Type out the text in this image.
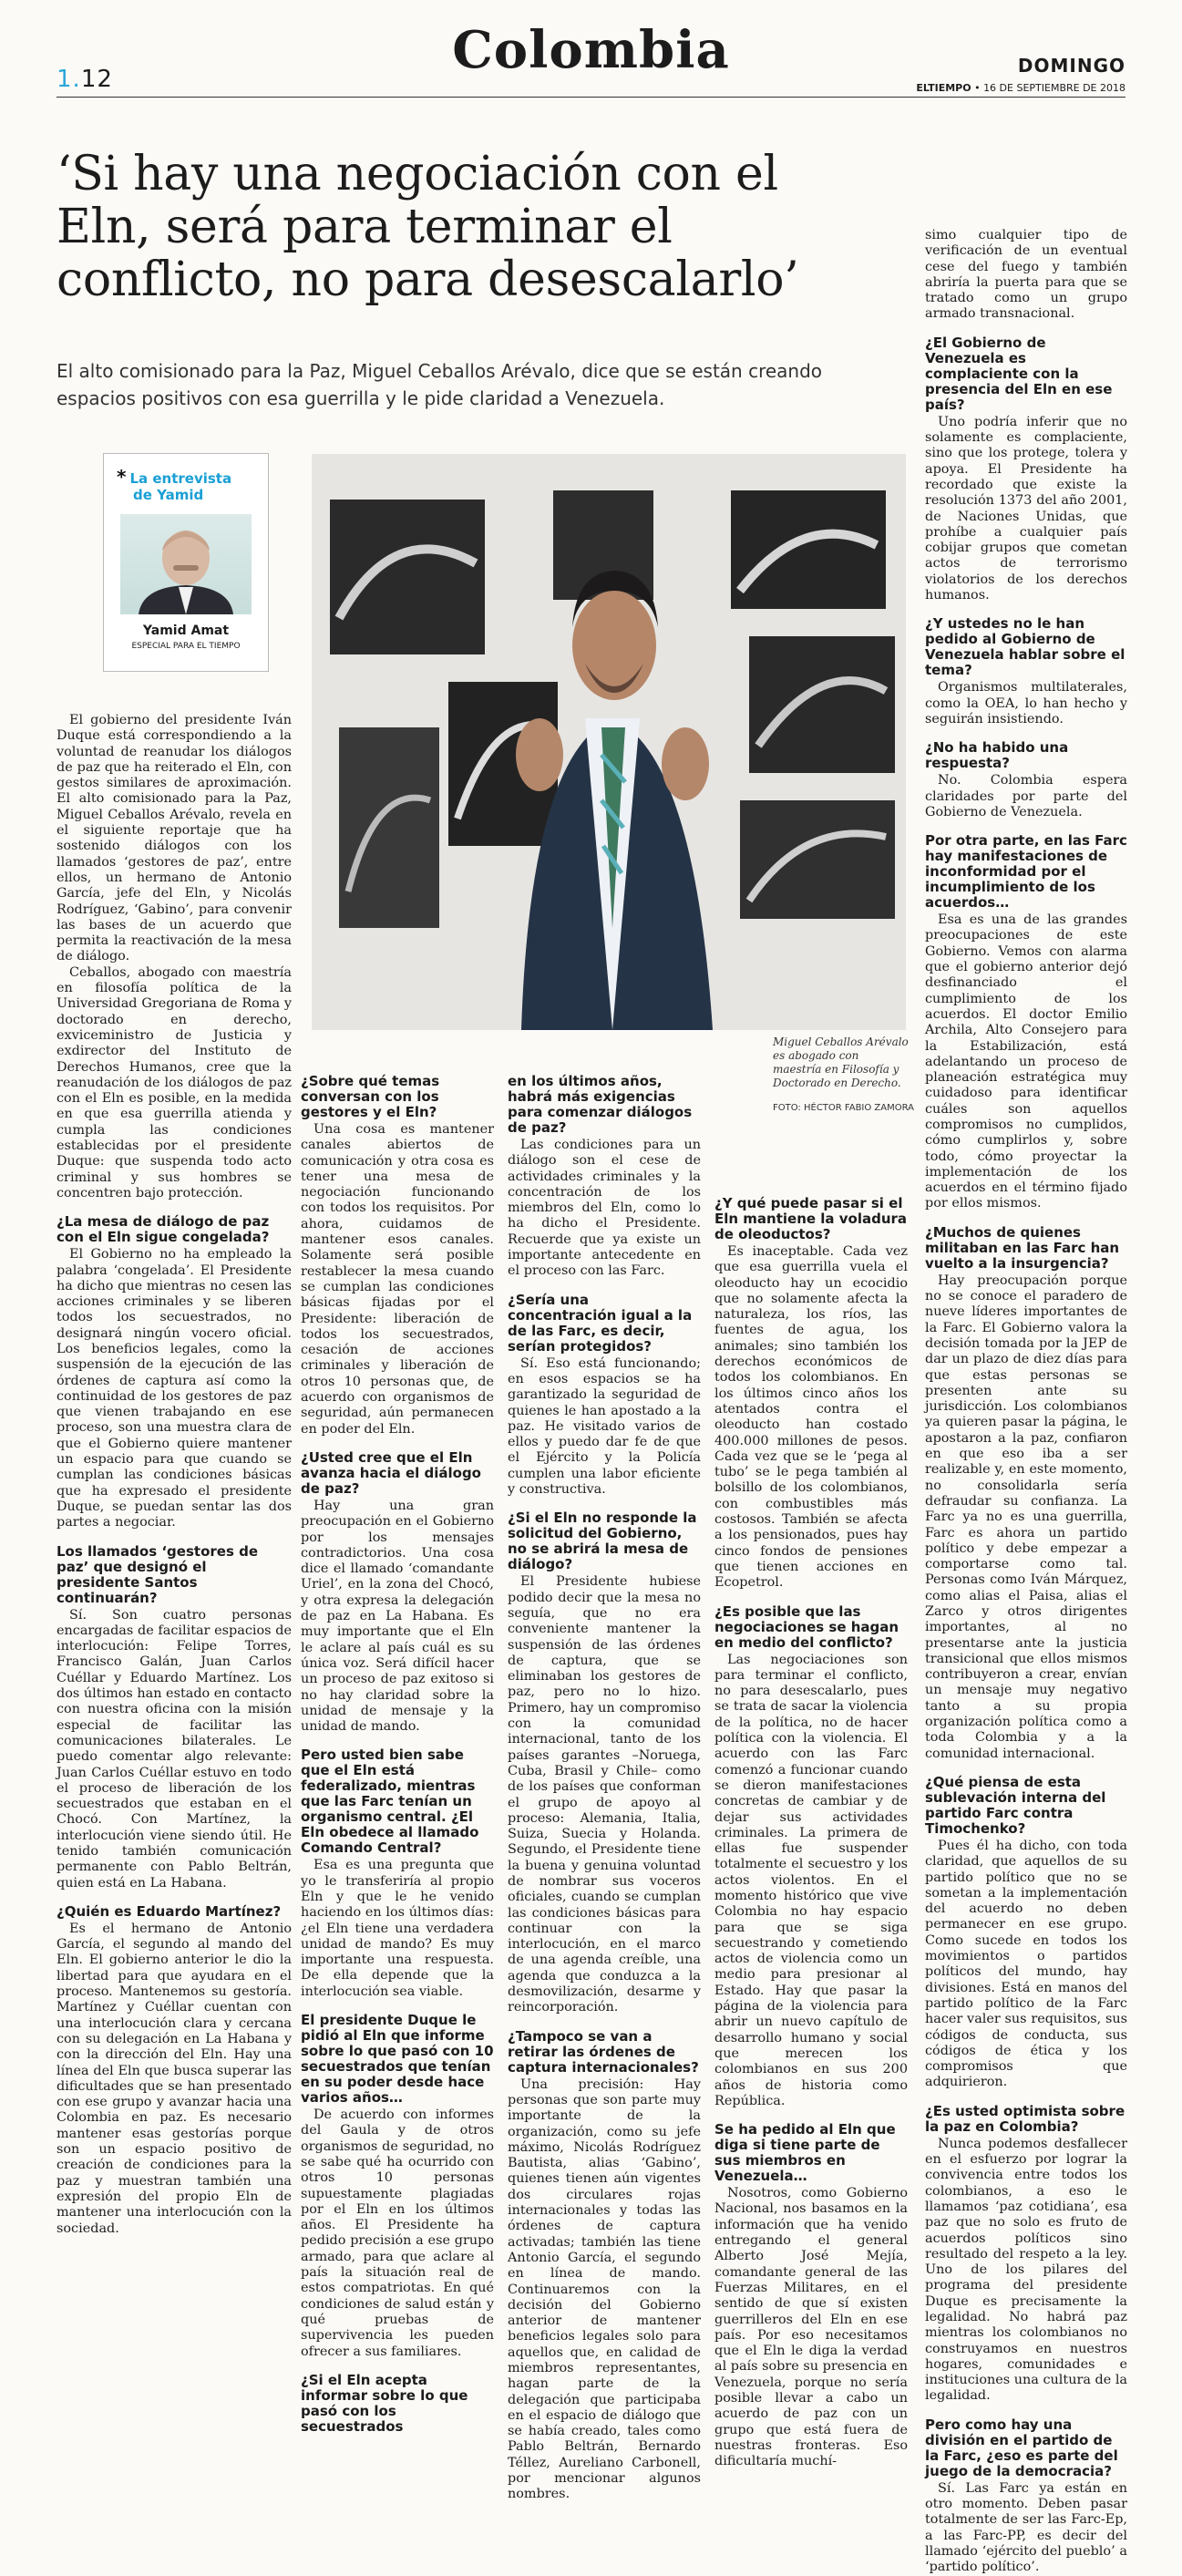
1.12	Colombia	DOMINGO
ELTIEMPO • 16 DE SEPTIEMBRE DE 2018
‘Si hay una negociación con el Eln, será para terminar el conflicto, no para desescalarlo’
El alto comisionado para la Paz, Miguel Ceballos Arévalo, dice que se están creando espacios positivos con esa guerrilla y le pide claridad a Venezuela.
* La entrevista
de Yamid
Yamid Amat
ESPECIAL PARA EL TIEMPO
Miguel Ceballos Arévalo es abogado con maestría en Filosofía y Doctorado en Derecho.
FOTO: HÉCTOR FABIO ZAMORA

El gobierno del presidente Iván Duque está correspondiendo a la voluntad de reanudar los diálogos de paz que ha reiterado el Eln, con gestos similares de aproximación. El alto comisionado para la Paz, Miguel Ceballos Arévalo, revela en el siguiente reportaje que ha sostenido diálogos con los llamados ‘gestores de paz’, entre ellos, un hermano de Antonio García, jefe del Eln, y Nicolás Rodríguez, ‘Gabino’, para convenir las bases de un acuerdo que permita la reactivación de la mesa de diálogo.

Ceballos, abogado con maestría en filosofía política de la Universidad Gregoriana de Roma y doctorado en derecho, exviceministro de Justicia y exdirector del Instituto de Derechos Humanos, cree que la reanudación de los diálogos de paz con el Eln es posible, en la medida en que esa guerrilla atienda y cumpla las condiciones establecidas por el presidente Duque: que suspenda todo acto criminal y sus hombres se concentren bajo protección.

¿La mesa de diálogo de paz con el Eln sigue congelada?

El Gobierno no ha empleado la palabra ‘congelada’. El Presidente ha dicho que mientras no cesen las acciones criminales y se liberen todos los secuestrados, no designará ningún vocero oficial. Los beneficios legales, como la suspensión de la ejecución de las órdenes de captura así como la continuidad de los gestores de paz que vienen trabajando en ese proceso, son una muestra clara de que el Gobierno quiere mantener un espacio para que cuando se cumplan las condiciones básicas que ha expresado el presidente Duque, se puedan sentar las dos partes a negociar.

Los llamados ‘gestores de paz’ que designó el presidente Santos continuarán?

Sí. Son cuatro personas encargadas de facilitar espacios de interlocución: Felipe Torres, Francisco Galán, Juan Carlos Cuéllar y Eduardo Martínez. Los dos últimos han estado en contacto con nuestra oficina con la misión especial de facilitar las comunicaciones bilaterales. Le puedo comentar algo relevante: Juan Carlos Cuéllar estuvo en todo el proceso de liberación de los secuestrados que estaban en el Chocó. Con Martínez, la interlocución viene siendo útil. He tenido también comunicación permanente con Pablo Beltrán, quien está en La Habana.

¿Quién es Eduardo Martínez?

Es el hermano de Antonio García, el segundo al mando del Eln. El gobierno anterior le dio la libertad para que ayudara en el proceso. Mantenemos su gestoría. Martínez y Cuéllar cuentan con una interlocución clara y cercana con su delegación en La Habana y con la dirección del Eln. Hay una línea del Eln que busca superar las dificultades que se han presentado con ese grupo y avanzar hacia una Colombia en paz. Es necesario mantener esas gestorías porque son un espacio positivo de creación de condiciones para la paz y muestran también una expresión del propio Eln de mantener una interlocución con la sociedad.

¿Sobre qué temas conversan con los gestores y el Eln?

Una cosa es mantener canales abiertos de comunicación y otra cosa es tener una mesa de negociación funcionando con todos los requisitos. Por ahora, cuidamos de mantener esos canales. Solamente será posible restablecer la mesa cuando se cumplan las condiciones básicas fijadas por el Presidente: liberación de todos los secuestrados, cesación de acciones criminales y liberación de otros 10 personas que, de acuerdo con organismos de seguridad, aún permanecen en poder del Eln.

¿Usted cree que el Eln avanza hacia el diálogo de paz?

Hay una gran preocupación en el Gobierno por los mensajes contradictorios. Una cosa dice el llamado ‘comandante Uriel’, en la zona del Chocó, y otra expresa la delegación de paz en La Habana. Es muy importante que el Eln le aclare al país cuál es su única voz. Será difícil hacer un proceso de paz exitoso si no hay claridad sobre la unidad de mensaje y la unidad de mando.

Pero usted bien sabe que el Eln está federalizado, mientras que las Farc tenían un organismo central. ¿El Eln obedece al llamado Comando Central?

Esa es una pregunta que yo le transferiría al propio Eln y que le he venido haciendo en los últimos días: ¿el Eln tiene una verdadera unidad de mando? Es muy importante una respuesta. De ella depende que la interlocución sea viable.

El presidente Duque le pidió al Eln que informe sobre lo que pasó con 10 secuestrados que tenían en su poder desde hace varios años…

De acuerdo con informes del Gaula y de otros organismos de seguridad, no se sabe qué ha ocurrido con otros 10 personas supuestamente plagiadas por el Eln en los últimos años. El Presidente ha pedido precisión a ese grupo armado, para que aclare al país la situación real de estos compatriotas. En qué condiciones de salud están y qué pruebas de supervivencia les pueden ofrecer a sus familiares.

¿Si el Eln acepta informar sobre lo que pasó con los secuestrados
en los últimos años, habrá más exigencias para comenzar diálogos de paz?

Las condiciones para un diálogo son el cese de actividades criminales y la concentración de los miembros del Eln, como lo ha dicho el Presidente. Recuerde que ya existe un importante antecedente en el proceso con las Farc.

¿Sería una concentración igual a la de las Farc, es decir, serían protegidos?

Sí. Eso está funcionando; en esos espacios se ha garantizado la seguridad de quienes le han apostado a la paz. He visitado varios de ellos y puedo dar fe de que el Ejército y la Policía cumplen una labor eficiente y constructiva.

¿Si el Eln no responde la solicitud del Gobierno, no se abrirá la mesa de diálogo?

El Presidente hubiese podido decir que la mesa no seguía, que no era conveniente mantener la suspensión de las órdenes de captura, que se eliminaban los gestores de paz, pero no lo hizo. Primero, hay un compromiso con la comunidad internacional, tanto de los países garantes –Noruega, Cuba, Brasil y Chile– como de los países que conforman el grupo de apoyo al proceso: Alemania, Italia, Suiza, Suecia y Holanda. Segundo, el Presidente tiene la buena y genuina voluntad de nombrar sus voceros oficiales, cuando se cumplan las condiciones básicas para continuar con la interlocución, en el marco de una agenda creíble, una agenda que conduzca a la desmovilización, desarme y reincorporación.

¿Tampoco se van a retirar las órdenes de captura internacionales?

Una precisión: Hay personas que son parte muy importante de la organización, como su jefe máximo, Nicolás Rodríguez Bautista, alias ‘Gabino’, quienes tienen aún vigentes dos circulares rojas internacionales y todas las órdenes de captura activadas; también las tiene Antonio García, el segundo en línea de mando. Continuaremos con la decisión del Gobierno anterior de mantener beneficios legales solo para aquellos que, en calidad de miembros representantes, hagan parte de la delegación que participaba en el espacio de diálogo que se había creado, tales como Pablo Beltrán, Bernardo Téllez, Aureliano Carbonell, por mencionar algunos nombres.

¿Y qué puede pasar si el Eln mantiene la voladura de oleoductos?

Es inaceptable. Cada vez que esa guerrilla vuela el oleoducto hay un ecocidio que no solamente afecta la naturaleza, los ríos, las fuentes de agua, los animales; sino también los derechos económicos de todos los colombianos. En los últimos cinco años los atentados contra el oleoducto han costado 400.000 millones de pesos. Cada vez que se le ‘pega al tubo’ se le pega también al bolsillo de los colombianos, con combustibles más costosos. También se afecta a los pensionados, pues hay cinco fondos de pensiones que tienen acciones en Ecopetrol.

¿Es posible que las negociaciones se hagan en medio del conflicto?

Las negociaciones son para terminar el conflicto, no para desescalarlo, pues se trata de sacar la violencia de la política, no de hacer política con la violencia. El acuerdo con las Farc comenzó a funcionar cuando se dieron manifestaciones concretas de cambiar y de dejar sus actividades criminales. La primera de ellas fue suspender totalmente el secuestro y los actos violentos. En el momento histórico que vive Colombia no hay espacio para que se siga secuestrando y cometiendo actos de violencia como un medio para presionar al Estado. Hay que pasar la página de la violencia para abrir un nuevo capítulo de desarrollo humano y social que merecen los colombianos en sus 200 años de historia como República.

Se ha pedido al Eln que diga si tiene parte de sus miembros en Venezuela…

Nosotros, como Gobierno Nacional, nos basamos en la información que ha venido entregando el general Alberto José Mejía, comandante general de las Fuerzas Militares, en el sentido de que sí existen guerrilleros del Eln en ese país. Por eso necesitamos que el Eln le diga la verdad al país sobre su presencia en Venezuela, porque no sería posible llevar a cabo un acuerdo de paz con un grupo que está fuera de nuestras fronteras. Eso dificultaría muchí-

simo cualquier tipo de verificación de un eventual cese del fuego y también abriría la puerta para que se tratado como un grupo armado transnacional.

¿El Gobierno de Venezuela es complaciente con la presencia del Eln en ese país?

Uno podría inferir que no solamente es complaciente, sino que los protege, tolera y apoya. El Presidente ha recordado que existe la resolución 1373 del año 2001, de Naciones Unidas, que prohíbe a cualquier país cobijar grupos que cometan actos de terrorismo violatorios de los derechos humanos.

¿Y ustedes no le han pedido al Gobierno de Venezuela hablar sobre el tema?

Organismos multilaterales, como la OEA, lo han hecho y seguirán insistiendo.

¿No ha habido una respuesta?

No. Colombia espera claridades por parte del Gobierno de Venezuela.

Por otra parte, en las Farc hay manifestaciones de inconformidad por el incumplimiento de los acuerdos…

Esa es una de las grandes preocupaciones de este Gobierno. Vemos con alarma que el gobierno anterior dejó desfinanciado el cumplimiento de los acuerdos. El doctor Emilio Archila, Alto Consejero para la Estabilización, está adelantando un proceso de planeación estratégica muy cuidadoso para identificar cuáles son aquellos compromisos no cumplidos, cómo cumplirlos y, sobre todo, cómo proyectar la implementación de los acuerdos en el término fijado por ellos mismos.

¿Muchos de quienes militaban en las Farc han vuelto a la insurgencia?

Hay preocupación porque no se conoce el paradero de nueve líderes importantes de la Farc. El Gobierno valora la decisión tomada por la JEP de dar un plazo de diez días para que estas personas se presenten ante su jurisdicción. Los colombianos ya quieren pasar la página, le apostaron a la paz, confiaron en que eso iba a ser realizable y, en este momento, no consolidarla sería defraudar su confianza. La Farc ya no es una guerrilla, Farc es ahora un partido político y debe empezar a comportarse como tal. Personas como Iván Márquez, como alias el Paisa, alias el Zarco y otros dirigentes importantes, al no presentarse ante la justicia transicional que ellos mismos contribuyeron a crear, envían un mensaje muy negativo tanto a su propia organización política como a toda Colombia y a la comunidad internacional.

¿Qué piensa de esta sublevación interna del partido Farc contra Timochenko?

Pues él ha dicho, con toda claridad, que aquellos de su partido político que no se sometan a la implementación del acuerdo no deben permanecer en ese grupo. Como sucede en todos los movimientos o partidos políticos del mundo, hay divisiones. Está en manos del partido político de la Farc hacer valer sus requisitos, sus códigos de conducta, sus códigos de ética y los compromisos que adquirieron.

¿Es usted optimista sobre la paz en Colombia?

Nunca podemos desfallecer en el esfuerzo por lograr la convivencia entre todos los colombianos, a eso le llamamos ‘paz cotidiana’, esa paz que no solo es fruto de acuerdos políticos sino resultado del respeto a la ley. Uno de los pilares del programa del presidente Duque es precisamente la legalidad. No habrá paz mientras los colombianos no construyamos en nuestros hogares, comunidades e instituciones una cultura de la legalidad.

Pero como hay una división en el partido de la Farc, ¿eso es parte del juego de la democracia?

Sí. Las Farc ya están en otro momento. Deben pasar totalmente de ser las Farc-Ep, a las Farc-PP, es decir del llamado ‘ejército del pueblo’ a ‘partido político’.
